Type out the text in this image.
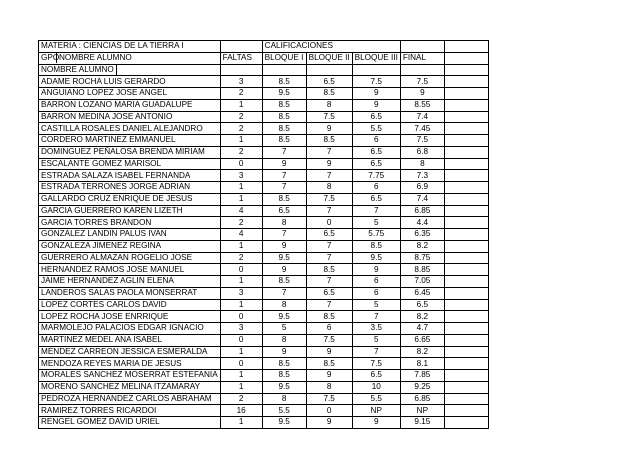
MATERIA : CIENCIAS DE LA TIERRA I		CALIFICACIONES				
GPONOMBRE ALUMNO	FALTAS	BLOQUE I	BLOQUE II	BLOQUE III	FINAL	
NOMBRE ALUMNO						
ADAME ROCHA LUIS GERARDO	3	8.5	6.5	7.5	7.5	
ANGUIANO LOPEZ JOSE ANGEL	2	9.5	8.5	9	9	
BARRON LOZANO MARIA GUADALUPE	1	8.5	8	9	8.55	
BARRON MEDINA JOSE ANTONIO	2	8.5	7.5	6.5	7.4	
CASTILLA ROSALES DANIEL ALEJANDRO	2	8.5	9	5.5	7.45	
CORDERO MARTINEZ EMMANUEL	1	8.5	8.5	6	7.5	
DOMINGUEZ PEÑALOSA BRENDA MIRIAM	2	7	7	6.5	6.8	
ESCALANTE GOMEZ MARISOL	0	9	9	6.5	8	
ESTRADA SALAZA ISABEL FERNANDA	3	7	7	7.75	7.3	
ESTRADA TERRONES JORGE ADRIAN	1	7	8	6	6.9	
GALLARDO CRUZ ENRIQUE DE JESUS	1	8.5	7.5	6.5	7.4	
GARCIA GUERRERO KAREN LIZETH	4	6.5	7	7	6.85	
GARCIA TORRES BRANDON	2	8	0	5	4.4	
GONZALEZ LANDIN PALUS IVAN	4	7	6.5	5.75	6.35	
GONZALEZA JIMENEZ REGINA	1	9	7	8.5	8.2	
GUERRERO ALMAZAN ROGELIO JOSE	2	9.5	7	9.5	8.75	
HERNANDEZ RAMOS JOSE MANUEL	0	9	8.5	9	8.85	
JAIME HERNANDEZ AGLIN ELENA	1	8.5	7	6	7.05	
LANDEROS SALAS PAOLA MONSERRAT	3	7	6.5	6	6.45	
LOPEZ CORTES CARLOS DAVID	1	8	7	5	6.5	
LOPEZ ROCHA JOSE ENRRIQUE	0	9.5	8.5	7	8.2	
MARMOLEJO PALACIOS EDGAR IGNACIO	3	5	6	3.5	4.7	
MARTINEZ MEDEL ANA ISABEL	0	8	7.5	5	6.65	
MENDEZ CARREON JESSICA ESMERALDA	1	9	9	7	8.2	
MENDOZA REYES MARIA DE JESUS	0	8.5	8.5	7.5	8.1	
MORALES SANCHEZ MOSERRAT ESTEFANIA	1	8.5	9	6.5	7.85	
MORENO SANCHEZ MELINA ITZAMARAY	1	9.5	8	10	9.25	
PEDROZA HERNANDEZ CARLOS ABRAHAM	2	8	7.5	5.5	6.85	
RAMIREZ TORRES RICARDOI	16	5.5	0	NP	NP	
RENGEL GOMEZ DAVID URIEL	1	9.5	9	9	9.15	
